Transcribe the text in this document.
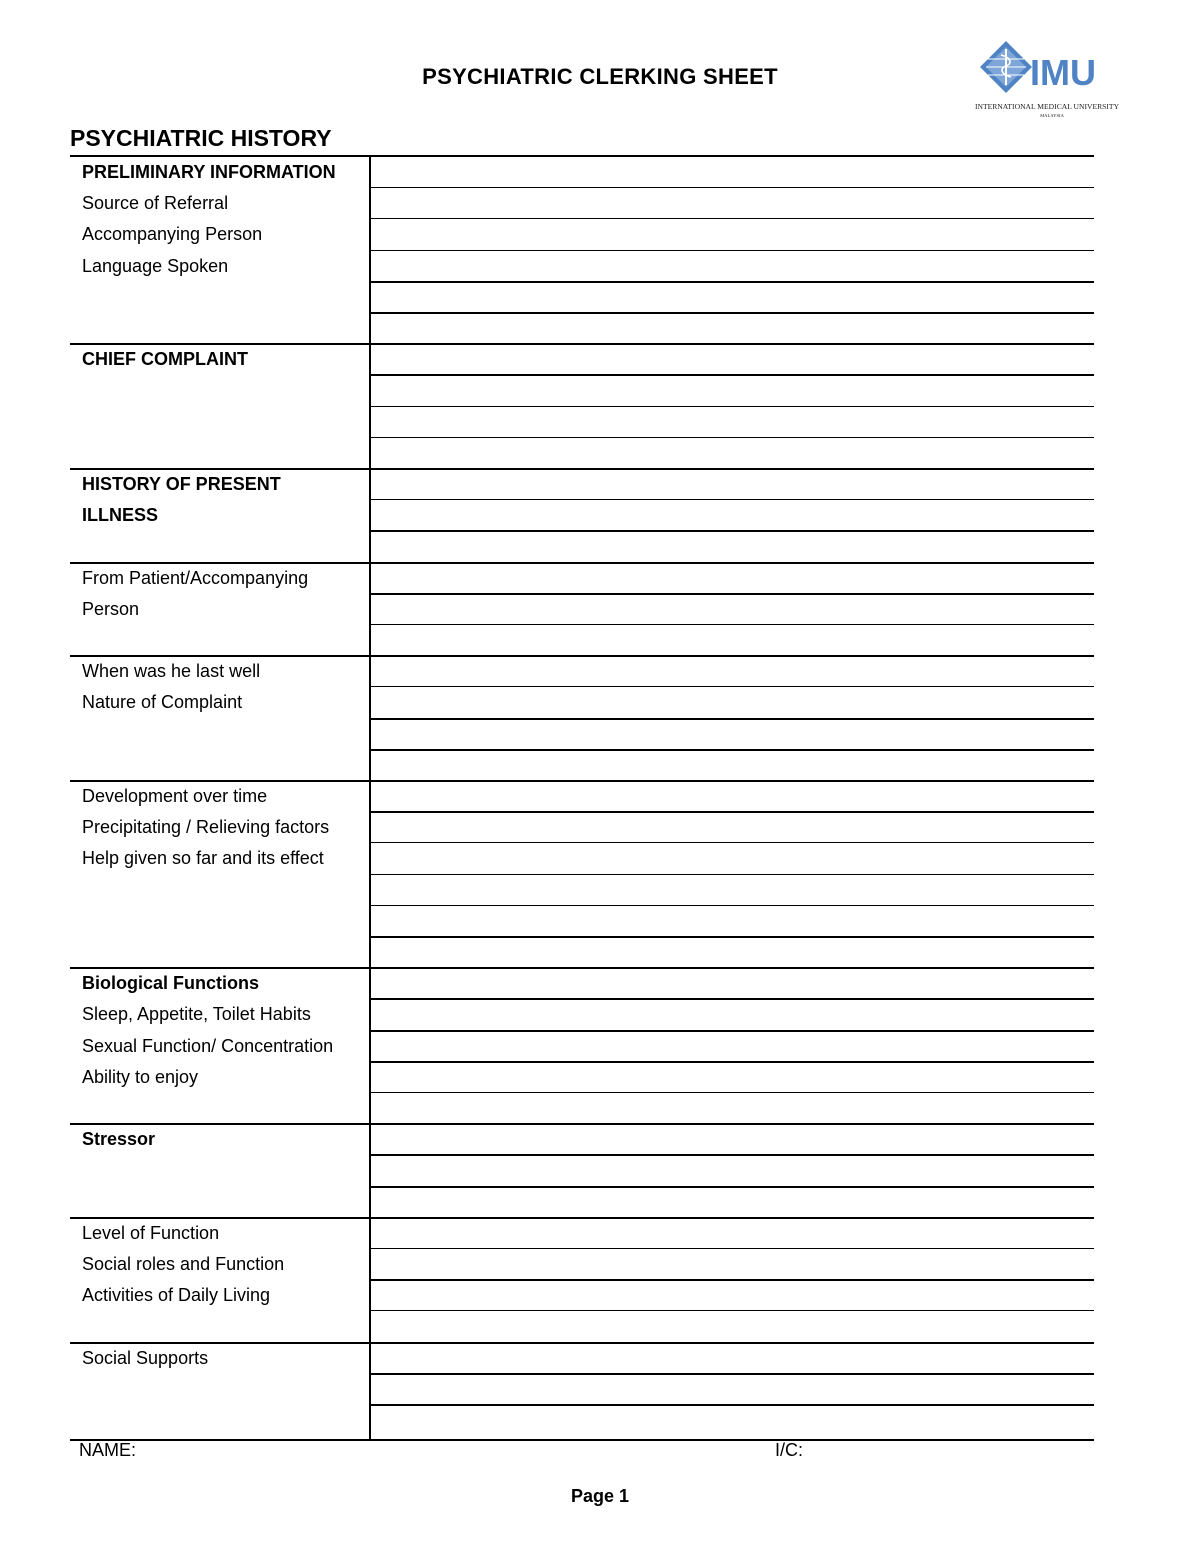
PSYCHIATRIC CLERKING SHEET	IMU
INTERNATIONAL MEDICAL UNIVERSITY
MALAYSIA
PSYCHIATRIC HISTORY
PRELIMINARY INFORMATION
Source of Referral
Accompanying Person
Language Spoken
CHIEF COMPLAINT
HISTORY OF PRESENT
ILLNESS
From Patient/Accompanying
Person
When was he last well
Nature of Complaint
Development over time
Precipitating / Relieving factors
Help given so far and its effect
Biological Functions
Sleep, Appetite, Toilet Habits
Sexual Function/ Concentration
Ability to enjoy
Stressor
Level of Function
Social roles and Function
Activities of Daily Living
Social Supports
NAME:	I/C:
Page 1
